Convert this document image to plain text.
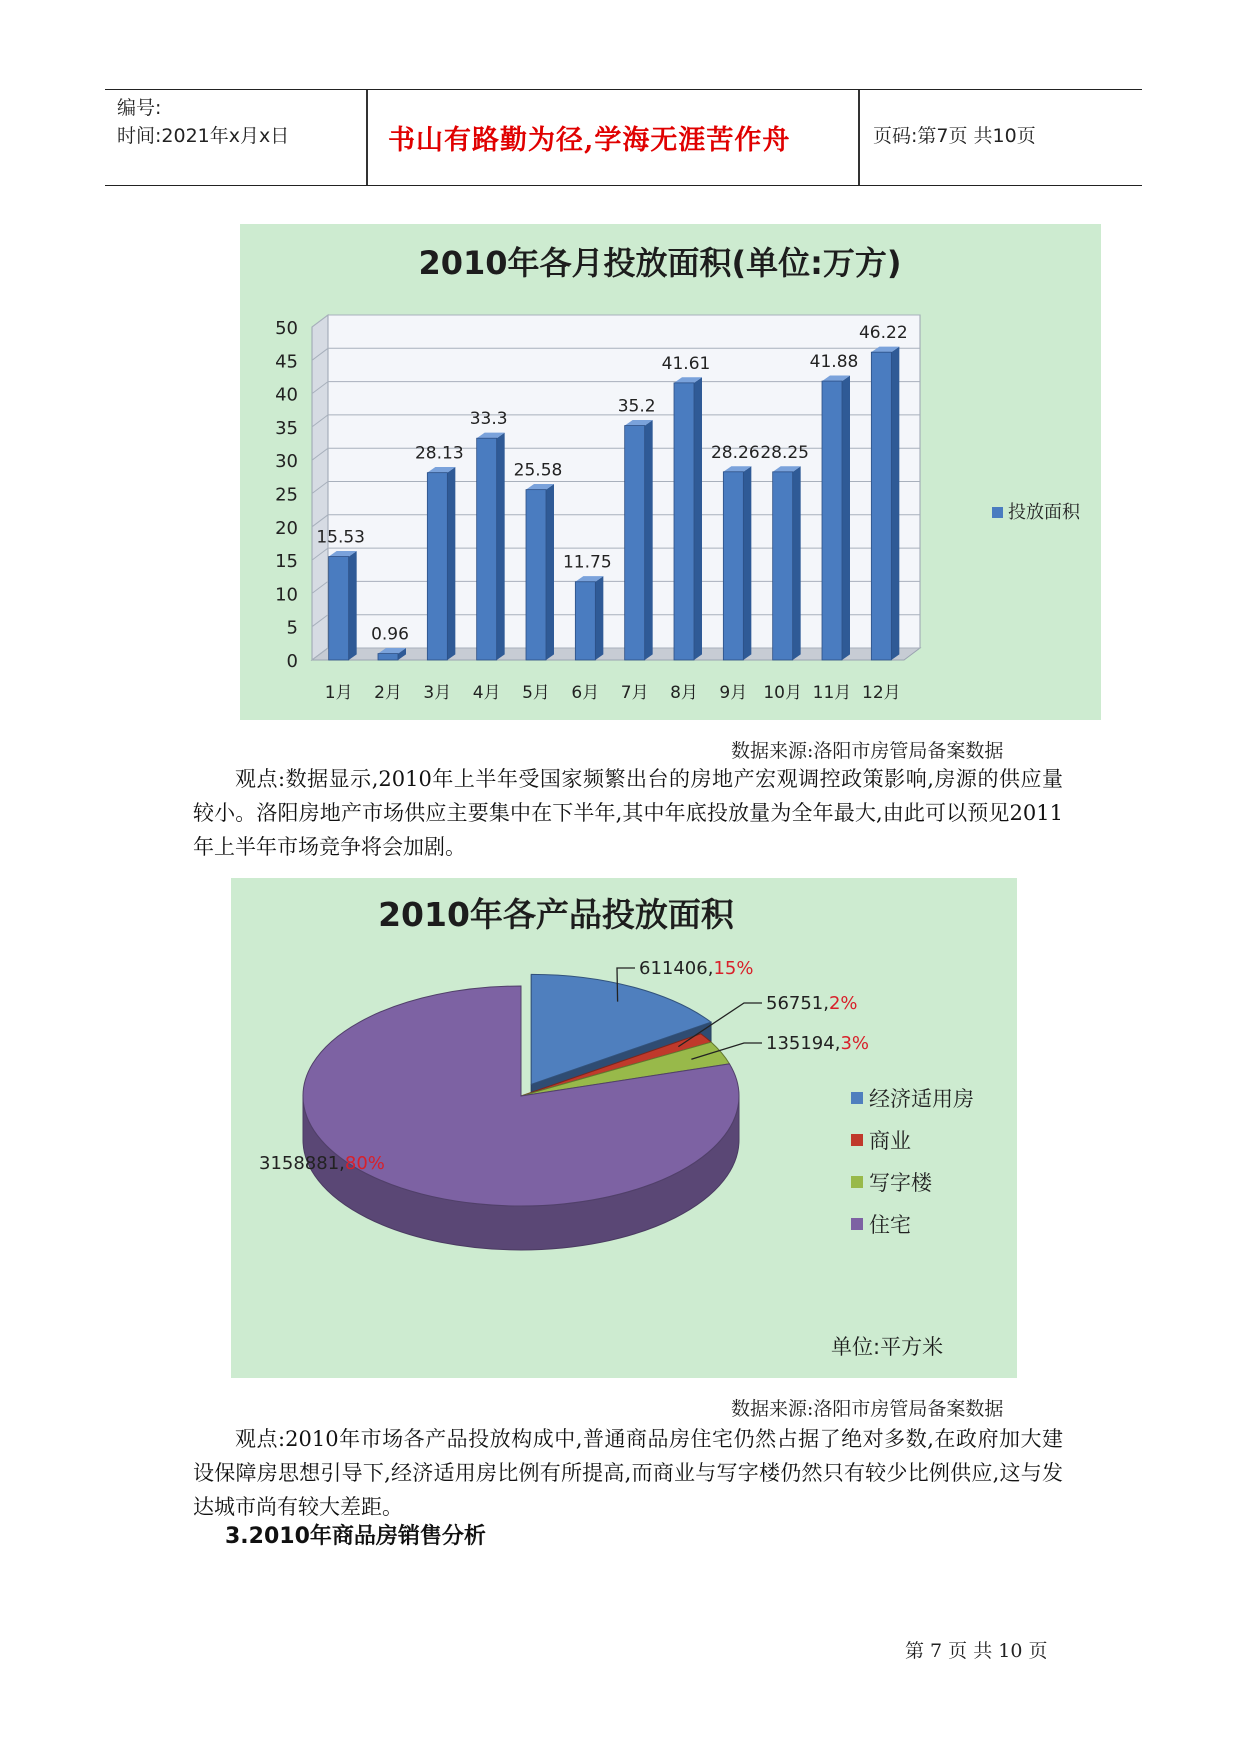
编号:
时间:2021年x月x日	书山有路勤为径,学海无涯苦作舟	页码:第7页 共10页
2010年各月投放面积(单位:万方)
0
5
10
15
20
25
30
35
40
45
50
1月 2月 3月 4月 5月 6月 7月 8月 9月 10月 11月 12月
15.53
0.96
28.13
33.3
25.58
11.75
35.2
41.61
28.26 28.25
41.88
46.22
投放面积
数据来源:洛阳市房管局备案数据

观点:数据显示,2010年上半年受国家频繁出台的房地产宏观调控政策影响,房源的供应量较小。洛阳房地产市场供应主要集中在下半年,其中年底投放量为全年最大,由此可以预见2011年上半年市场竞争将会加剧。

2010年各产品投放面积
611406,15%
56751,2%
135194,3%
3158881,80%
经济适用房
商业
写字楼
住宅
单位:平方米
数据来源:洛阳市房管局备案数据

观点:2010年市场各产品投放构成中,普通商品房住宅仍然占据了绝对多数,在政府加大建设保障房思想引导下,经济适用房比例有所提高,而商业与写字楼仍然只有较少比例供应,这与发达城市尚有较大差距。

3.2010年商品房销售分析
第 7 页 共 10 页
